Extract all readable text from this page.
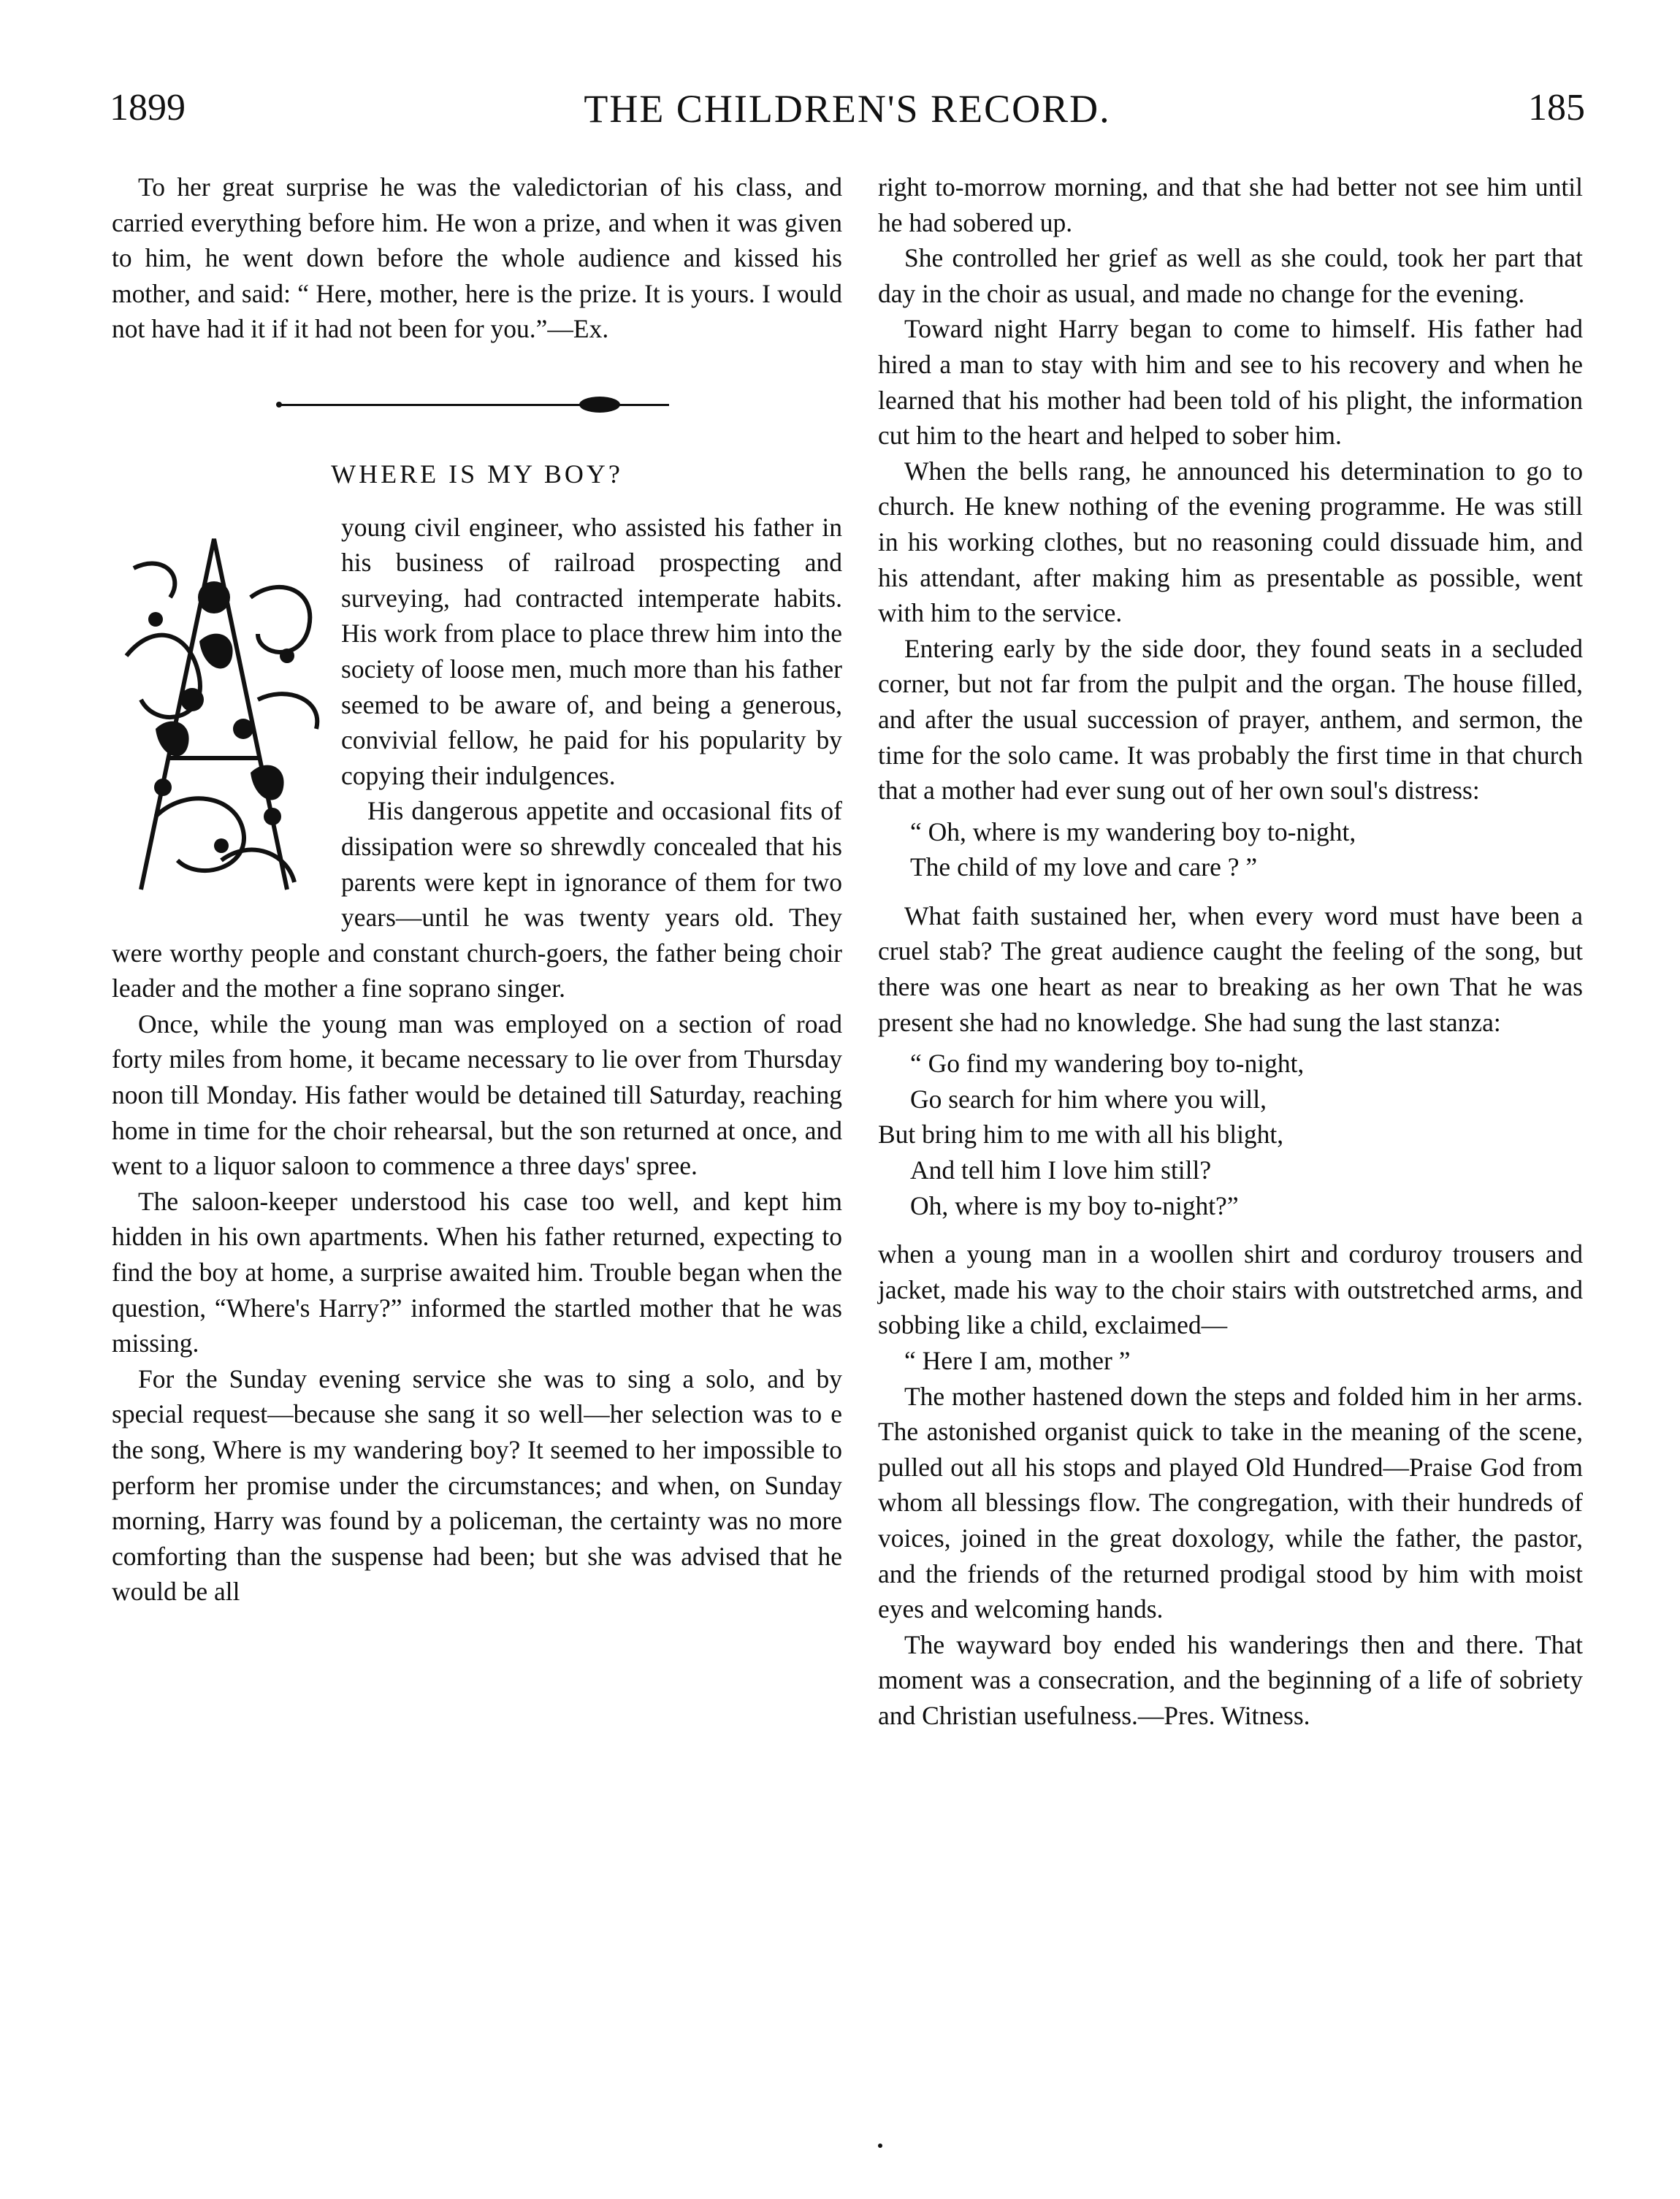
1899	THE CHILDREN'S RECORD.	185

To her great surprise he was the valedictorian of his class, and carried everything before him. He won a prize, and when it was given to him, he went down before the whole audience and kissed his mother, and said: “ Here, mother, here is the prize. It is yours. I would not have had it if it had not been for you.”—Ex.

WHERE IS MY BOY?

young civil engineer, who assisted his father in his business of railroad prospecting and surveying, had contracted intemperate habits. His work from place to place threw him into the society of loose men, much more than his father seemed to be aware of, and being a generous, convivial fellow, he paid for his popularity by copying their indulgences.

His dangerous appetite and occasional fits of dissipation were so shrewdly concealed that his parents were kept in ignorance of them for two years—until he was twenty years old. They were worthy people and constant church-goers, the father being choir leader and the mother a fine soprano singer.

Once, while the young man was employed on a section of road forty miles from home, it became necessary to lie over from Thursday noon till Monday. His father would be detained till Saturday, reaching home in time for the choir rehearsal, but the son returned at once, and went to a liquor saloon to commence a three days' spree.

The saloon-keeper understood his case too well, and kept him hidden in his own apartments. When his father returned, expecting to find the boy at home, a surprise awaited him. Trouble began when the question, “Where's Harry?” informed the startled mother that he was missing.

For the Sunday evening service she was to sing a solo, and by special request—because she sang it so well—her selection was to e the song, Where is my wandering boy? It seemed to her impossible to perform her promise under the circumstances; and when, on Sunday morning, Harry was found by a policeman, the certainty was no more comforting than the suspense had been; but she was advised that he would be all

right to-morrow morning, and that she had better not see him until he had sobered up.

She controlled her grief as well as she could, took her part that day in the choir as usual, and made no change for the evening.

Toward night Harry began to come to himself. His father had hired a man to stay with him and see to his recovery and when he learned that his mother had been told of his plight, the information cut him to the heart and helped to sober him.

When the bells rang, he announced his determination to go to church. He knew nothing of the evening programme. He was still in his working clothes, but no reasoning could dissuade him, and his attendant, after making him as presentable as possible, went with him to the service.

Entering early by the side door, they found seats in a secluded corner, but not far from the pulpit and the organ. The house filled, and after the usual succession of prayer, anthem, and sermon, the time for the solo came. It was probably the first time in that church that a mother had ever sung out of her own soul's distress:

“ Oh, where is my wandering boy to-night,
The child of my love and care ? ”

What faith sustained her, when every word must have been a cruel stab? The great audience caught the feeling of the song, but there was one heart as near to breaking as her own That he was present she had no knowledge. She had sung the last stanza:

“ Go find my wandering boy to-night,
Go search for him where you will,
But bring him to me with all his blight,
And tell him I love him still?
Oh, where is my boy to-night?”

when a young man in a woollen shirt and corduroy trousers and jacket, made his way to the choir stairs with outstretched arms, and sobbing like a child, exclaimed—

“ Here I am, mother ”

The mother hastened down the steps and folded him in her arms. The astonished organist quick to take in the meaning of the scene, pulled out all his stops and played Old Hundred—Praise God from whom all blessings flow. The congregation, with their hundreds of voices, joined in the great doxology, while the father, the pastor, and the friends of the returned prodigal stood by him with moist eyes and welcoming hands.

The wayward boy ended his wanderings then and there. That moment was a consecration, and the beginning of a life of sobriety and Christian usefulness.—Pres. Witness.
